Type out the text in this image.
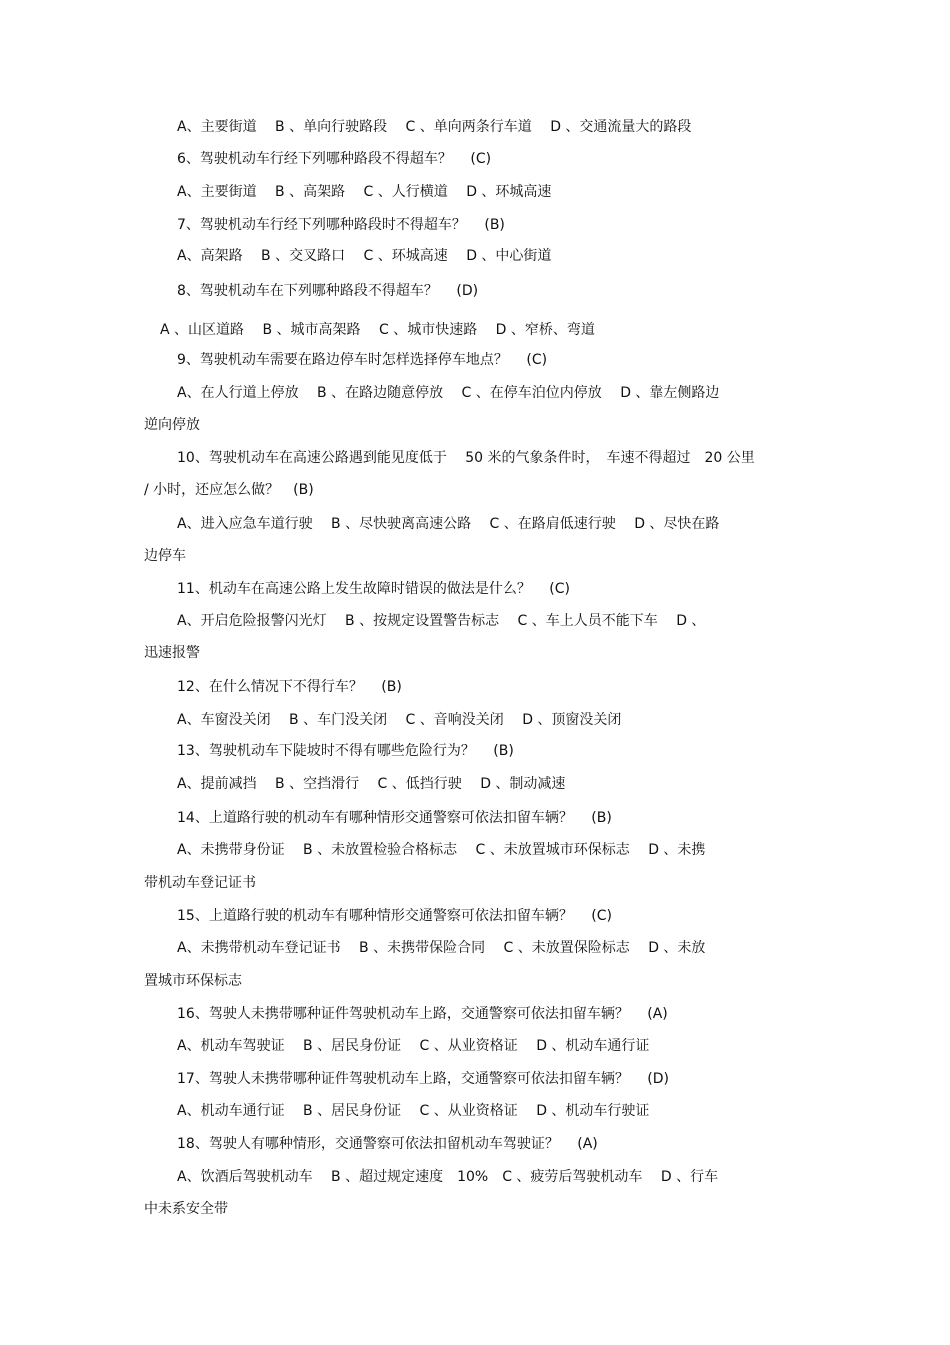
A、主要街道　 B 、单向行驶路段　 C 、单向两条行车道　 D 、交通流量大的路段
6、驾驶机动车行经下列哪种路段不得超车？　 (C)
A、主要街道　 B 、高架路　 C 、人行横道　 D 、环城高速
7、驾驶机动车行经下列哪种路段时不得超车？　 (B)
A、高架路　 B 、交叉路口　 C 、环城高速　 D 、中心街道
8、驾驶机动车在下列哪种路段不得超车？　 (D)
A 、山区道路　 B 、城市高架路　 C 、城市快速路　 D 、窄桥、弯道
9、驾驶机动车需要在路边停车时怎样选择停车地点？　 (C)
A、在人行道上停放　 B 、在路边随意停放　 C 、在停车泊位内停放　 D 、靠左侧路边
逆向停放
10、驾驶机动车在高速公路遇到能见度低于　 50 米的气象条件时，　车速不得超过　20 公里
/ 小时，还应怎么做？　(B)
A、进入应急车道行驶　 B 、尽快驶离高速公路　 C 、在路肩低速行驶　 D 、尽快在路
边停车
11、机动车在高速公路上发生故障时错误的做法是什么？　 (C)
A、开启危险报警闪光灯　 B 、按规定设置警告标志　 C 、车上人员不能下车　 D 、
迅速报警
12、在什么情况下不得行车？　 (B)
A、车窗没关闭　 B 、车门没关闭　 C 、音响没关闭　 D 、顶窗没关闭
13、驾驶机动车下陡坡时不得有哪些危险行为？　 (B)
A、提前减挡　 B 、空挡滑行　 C 、低挡行驶　 D 、制动减速
14、上道路行驶的机动车有哪种情形交通警察可依法扣留车辆？　 (B)
A、未携带身份证　 B 、未放置检验合格标志　 C 、未放置城市环保标志　 D 、未携
带机动车登记证书
15、上道路行驶的机动车有哪种情形交通警察可依法扣留车辆？　 (C)
A、未携带机动车登记证书　 B 、未携带保险合同　 C 、未放置保险标志　 D 、未放
置城市环保标志
16、驾驶人未携带哪种证件驾驶机动车上路，交通警察可依法扣留车辆？　 (A)
A、机动车驾驶证　 B 、居民身份证　 C 、从业资格证　 D 、机动车通行证
17、驾驶人未携带哪种证件驾驶机动车上路，交通警察可依法扣留车辆？　 (D)
A、机动车通行证　 B 、居民身份证　 C 、从业资格证　 D 、机动车行驶证
18、驾驶人有哪种情形，交通警察可依法扣留机动车驾驶证？　 (A)
A、饮酒后驾驶机动车　 B 、超过规定速度　10%　C 、疲劳后驾驶机动车　 D 、行车
中未系安全带
